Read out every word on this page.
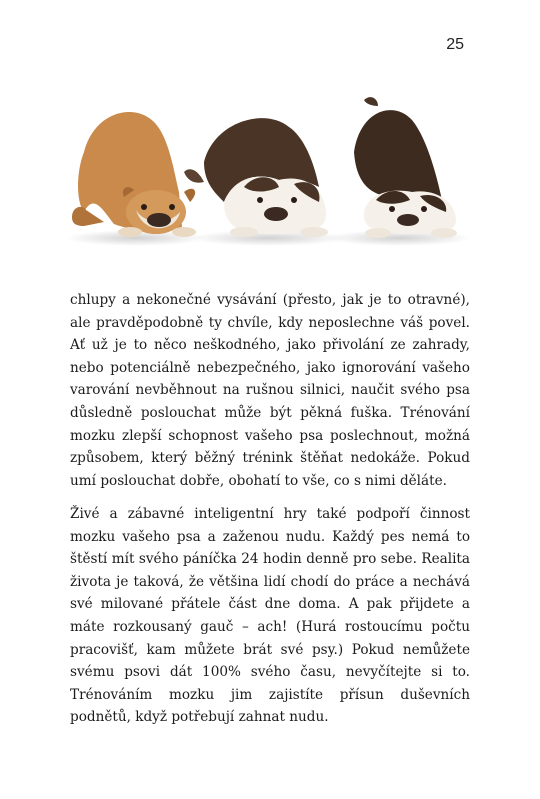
25

chlupy a nekonečné vysávání (přesto, jak je to otravné), ale pravděpodobně ty chvíle, kdy neposlechne váš povel. Ať už je to něco neškodného, jako přivolání ze zahrady, nebo potenciálně nebezpečného, jako ignorování vašeho varování nevběhnout na rušnou silnici, naučit svého psa důsledně poslouchat může být pěkná fuška. Trénování mozku zlepší schopnost vašeho psa poslechnout, možná způsobem, který běžný trénink štěňat nedokáže. Pokud umí poslouchat dobře, obohatí to vše, co s nimi děláte.

Živé a zábavné inteligentní hry také podpoří činnost mozku vašeho psa a zaženou nudu. Každý pes nemá to štěstí mít svého páníčka 24 hodin denně pro sebe. Realita života je taková, že většina lidí chodí do práce a nechává své milované přátele část dne doma. A pak přijdete a máte rozkousaný gauč – ach! (Hurá rostoucímu počtu pracovišť, kam můžete brát své psy.) Pokud nemůžete svému psovi dát 100% svého času, nevyčítejte si to. Trénováním mozku jim zajistíte přísun duševních podnětů, když potřebují zahnat nudu.
